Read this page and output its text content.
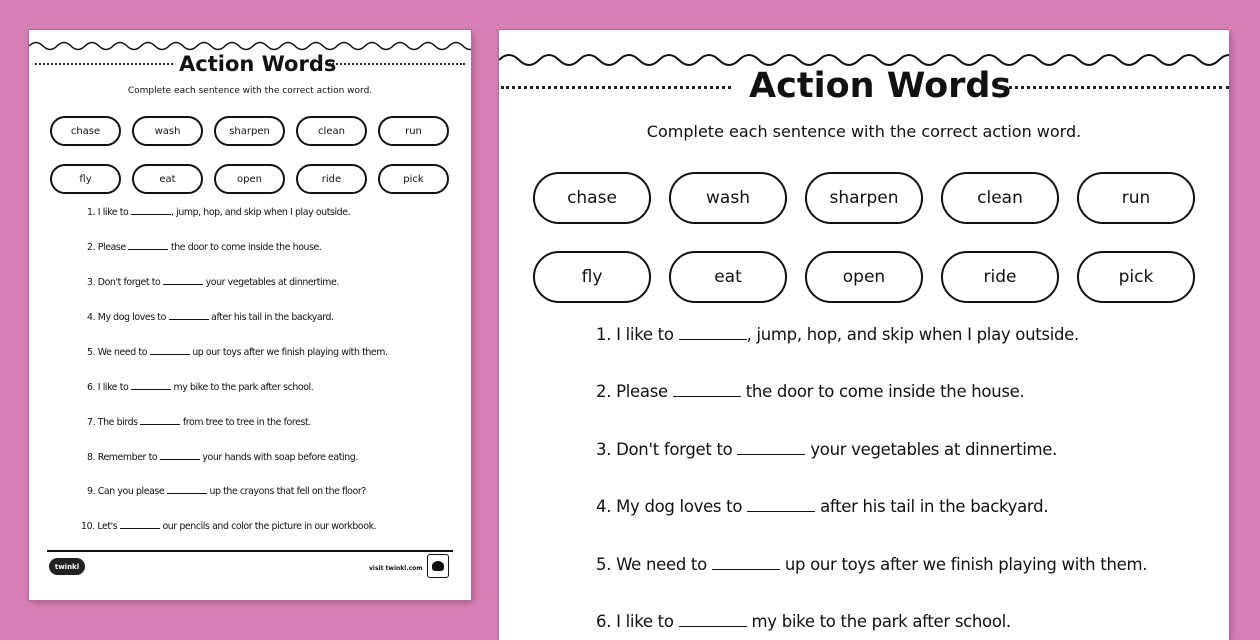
Action Words
Complete each sentence with the correct action word.
chase	wash	sharpen	clean	run
fly	eat	open	ride	pick
1. I like to	, jump, hop, and skip when I play outside.
2. Please	the door to come inside the house.
3. Don't forget to	your vegetables at dinnertime.
4. My dog loves to	after his tail in the backyard.
5. We need to	up our toys after we finish playing with them.
6. I like to	my bike to the park after school.
7. The birds	from tree to tree in the forest.
8. Remember to	your hands with soap before eating.
9. Can you please	up the crayons that fell on the floor?
10. Let's	our pencils and color the picture in our workbook.
twinkl	visit twinkl.com
Action Words
Complete each sentence with the correct action word.
chase	wash	sharpen	clean	run
fly	eat	open	ride	pick
1. I like to	, jump, hop, and skip when I play outside.
2. Please	the door to come inside the house.
3. Don't forget to	your vegetables at dinnertime.
4. My dog loves to	after his tail in the backyard.
5. We need to	up our toys after we finish playing with them.
6. I like to	my bike to the park after school.
